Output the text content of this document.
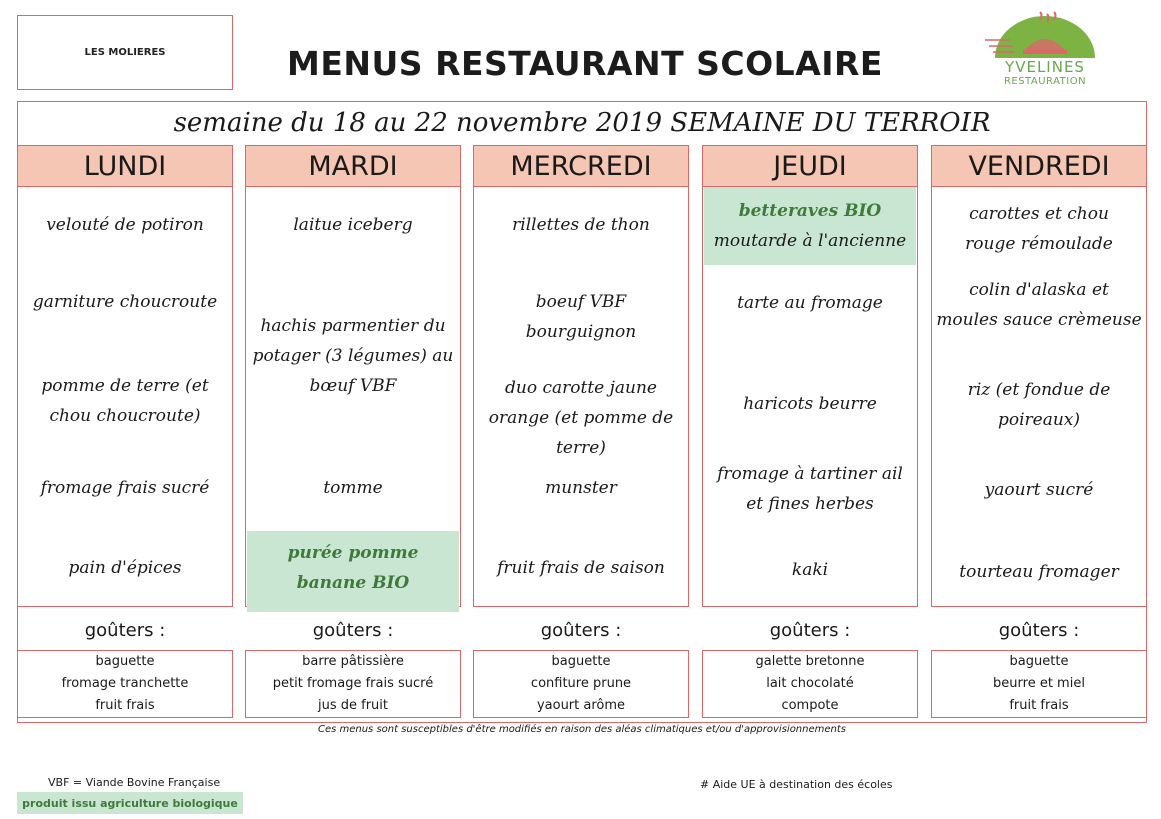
LES MOLIERES	MENUS RESTAURANT SCOLAIRE	YVELINES
RESTAURATION
semaine du 18 au 22 novembre 2019 SEMAINE DU TERROIR
LUNDI
velouté de potiron
garniture choucroute
pomme de terre (et chou choucroute)
fromage frais sucré
pain d'épices
MARDI
laitue iceberg
hachis parmentier du potager (3 légumes) au bœuf VBF
tomme
purée pomme banane BIO
MERCREDI
rillettes de thon
boeuf VBF bourguignon
duo carotte jaune orange (et pomme de terre)
munster
fruit frais de saison
JEUDI
betteraves BIO
moutarde à l'ancienne
tarte au fromage
haricots beurre
fromage à tartiner ail et fines herbes
kaki
VENDREDI
carottes et chou rouge rémoulade
colin d'alaska et moules sauce crèmeuse
riz (et fondue de poireaux)
yaourt sucré
tourteau fromager
goûters :
baguette
fromage tranchette
fruit frais
goûters :
barre pâtissière
petit fromage frais sucré
jus de fruit
goûters :
baguette
confiture prune
yaourt arôme
goûters :
galette bretonne
lait chocolaté
compote
goûters :
baguette
beurre et miel
fruit frais
Ces menus sont susceptibles d'être modifiés en raison des aléas climatiques et/ou d'approvisionnements
VBF = Viande Bovine Française
produit issu agriculture biologique
# Aide UE à destination des écoles
